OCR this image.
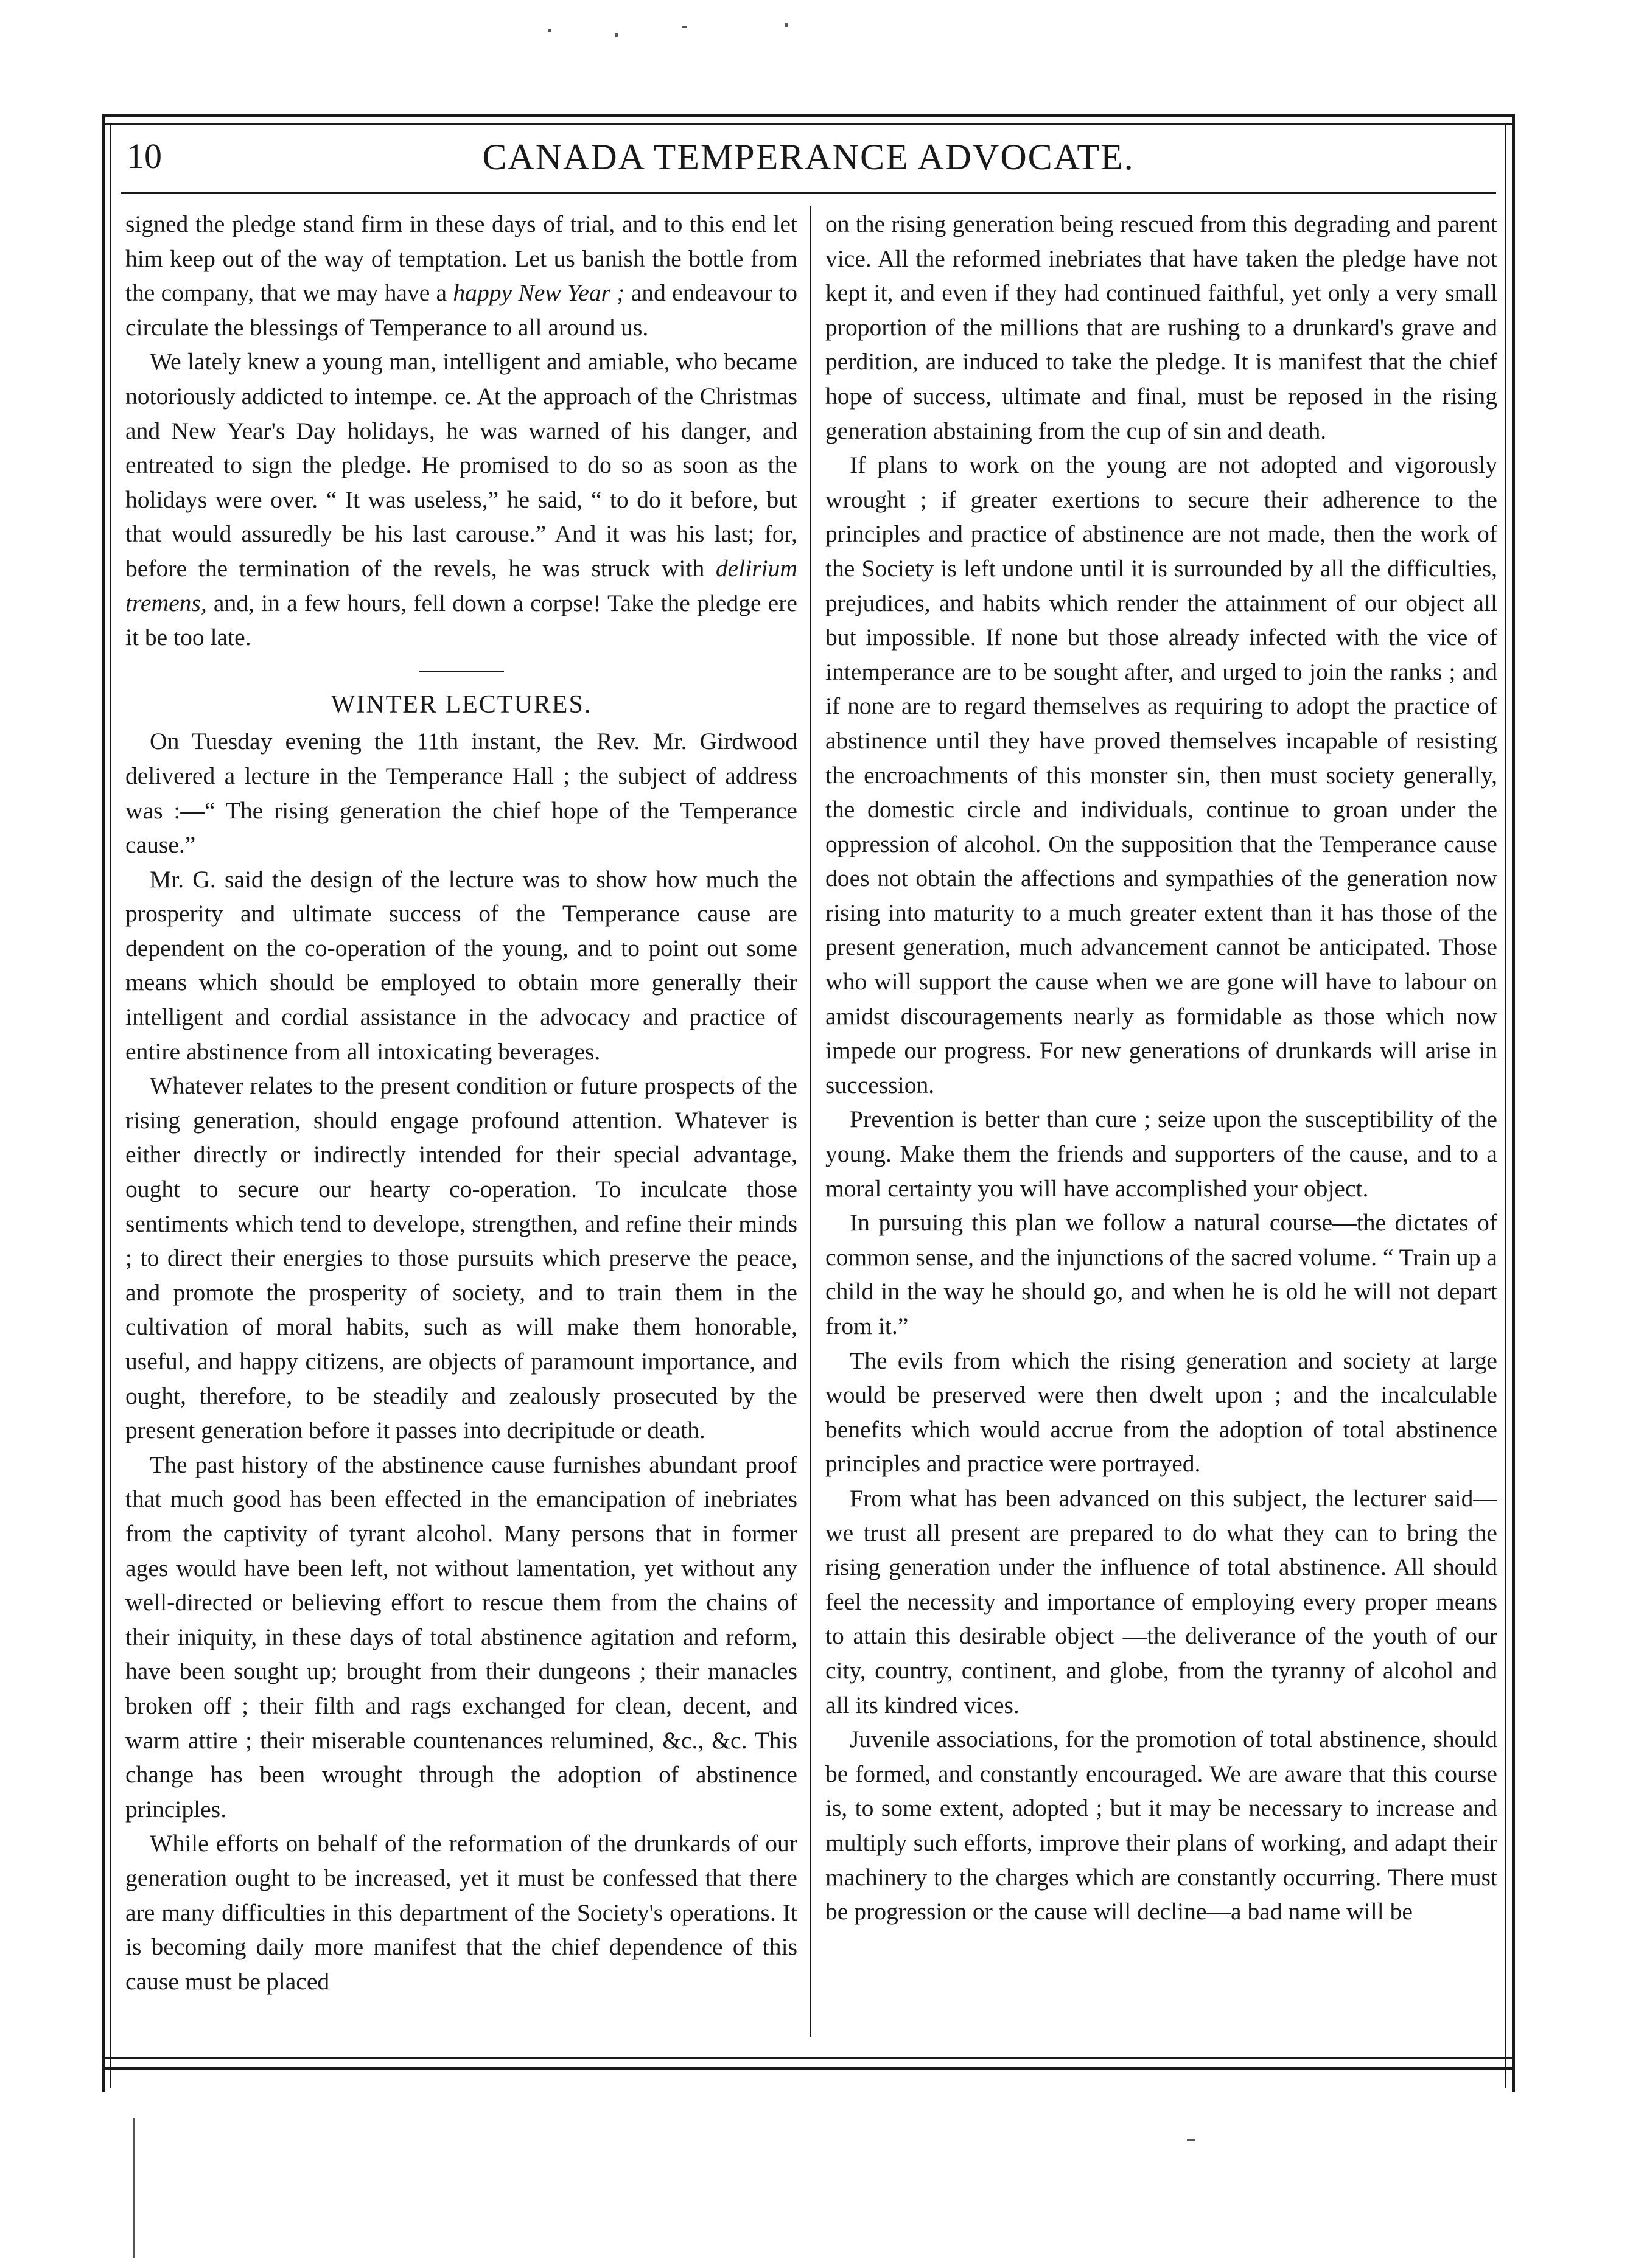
10	CANADA TEMPERANCE ADVOCATE.

signed the pledge stand firm in these days of trial, and to this end let him keep out of the way of temptation. Let us banish the bottle from the company, that we may have a happy New Year ; and endeavour to circulate the blessings of Temperance to all around us.

We lately knew a young man, intelligent and amiable, who became notoriously addicted to intempe. ce. At the approach of the Christmas and New Year's Day holidays, he was warned of his danger, and entreated to sign the pledge. He promised to do so as soon as the holidays were over. “ It was useless,” he said, “ to do it before, but that would assuredly be his last carouse.” And it was his last; for, before the termination of the revels, he was struck with delirium tremens, and, in a few hours, fell down a corpse! Take the pledge ere it be too late.

WINTER LECTURES.

On Tuesday evening the 11th instant, the Rev. Mr. Girdwood delivered a lecture in the Temperance Hall ; the subject of address was :—“ The rising generation the chief hope of the Temperance cause.”

Mr. G. said the design of the lecture was to show how much the prosperity and ultimate success of the Temperance cause are dependent on the co-operation of the young, and to point out some means which should be employed to obtain more generally their intelligent and cordial assistance in the advocacy and practice of entire abstinence from all intoxicating beverages.

Whatever relates to the present condition or future prospects of the rising generation, should engage profound attention. Whatever is either directly or indirectly intended for their special advantage, ought to secure our hearty co-operation. To inculcate those sentiments which tend to develope, strengthen, and refine their minds ; to direct their energies to those pursuits which preserve the peace, and promote the prosperity of society, and to train them in the cultivation of moral habits, such as will make them honorable, useful, and happy citizens, are objects of paramount importance, and ought, therefore, to be steadily and zealously prosecuted by the present generation before it passes into decripitude or death.

The past history of the abstinence cause furnishes abundant proof that much good has been effected in the emancipation of inebriates from the captivity of tyrant alcohol. Many persons that in former ages would have been left, not without lamentation, yet without any well-directed or believing effort to rescue them from the chains of their iniquity, in these days of total abstinence agitation and reform, have been sought up; brought from their dungeons ; their manacles broken off ; their filth and rags exchanged for clean, decent, and warm attire ; their miserable countenances relumined, &c., &c. This change has been wrought through the adoption of abstinence principles.

While efforts on behalf of the reformation of the drunkards of our generation ought to be increased, yet it must be confessed that there are many difficulties in this department of the Society's operations. It is becoming daily more manifest that the chief dependence of this cause must be placed

on the rising generation being rescued from this degrading and parent vice. All the reformed inebriates that have taken the pledge have not kept it, and even if they had continued faithful, yet only a very small proportion of the millions that are rushing to a drunkard's grave and perdition, are induced to take the pledge. It is manifest that the chief hope of success, ultimate and final, must be reposed in the rising generation abstaining from the cup of sin and death.

If plans to work on the young are not adopted and vigorously wrought ; if greater exertions to secure their adherence to the principles and practice of abstinence are not made, then the work of the Society is left undone until it is surrounded by all the difficulties, prejudices, and habits which render the attainment of our object all but impossible. If none but those already infected with the vice of intemperance are to be sought after, and urged to join the ranks ; and if none are to regard themselves as requiring to adopt the practice of abstinence until they have proved themselves incapable of resisting the encroachments of this monster sin, then must society generally, the domestic circle and individuals, continue to groan under the oppression of alcohol. On the supposition that the Temperance cause does not obtain the affections and sympathies of the generation now rising into maturity to a much greater extent than it has those of the present generation, much advancement cannot be anticipated. Those who will support the cause when we are gone will have to labour on amidst discouragements nearly as formidable as those which now impede our progress. For new generations of drunkards will arise in succession.

Prevention is better than cure ; seize upon the susceptibility of the young. Make them the friends and supporters of the cause, and to a moral certainty you will have accomplished your object.

In pursuing this plan we follow a natural course—the dictates of common sense, and the injunctions of the sacred volume. “ Train up a child in the way he should go, and when he is old he will not depart from it.”

The evils from which the rising generation and society at large would be preserved were then dwelt upon ; and the incalculable benefits which would accrue from the adoption of total abstinence principles and practice were portrayed.

From what has been advanced on this subject, the lecturer said—we trust all present are prepared to do what they can to bring the rising generation under the influence of total abstinence. All should feel the necessity and importance of employing every proper means to attain this desirable object —the deliverance of the youth of our city, country, continent, and globe, from the tyranny of alcohol and all its kindred vices.

Juvenile associations, for the promotion of total abstinence, should be formed, and constantly encouraged. We are aware that this course is, to some extent, adopted ; but it may be necessary to increase and multiply such efforts, improve their plans of working, and adapt their machinery to the charges which are constantly occurring. There must be progression or the cause will decline—a bad name will be
